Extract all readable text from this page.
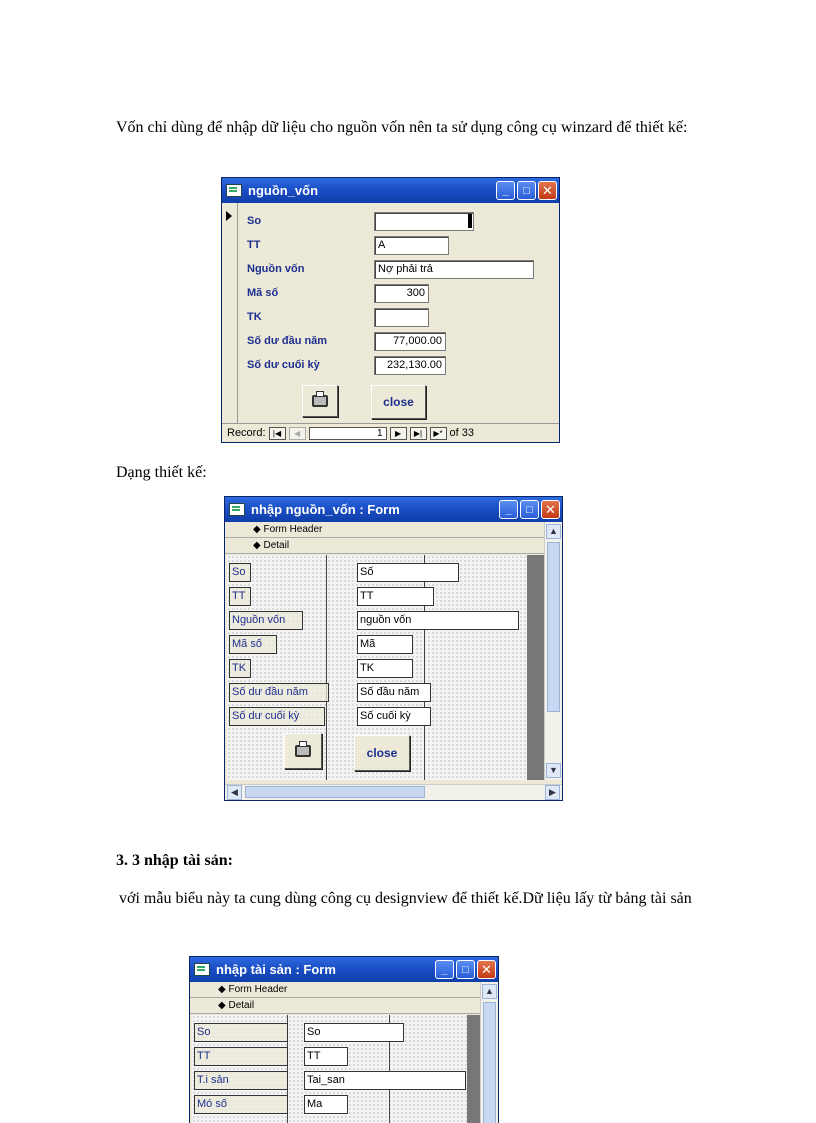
Vốn chỉ dùng để nhập dữ liệu cho nguồn vốn nên ta sử dụng công cụ winzard để thiết kế:
nguồn_vốn	_	□ ✕
So
TT	A
Nguồn vốn	Nợ phải trả
Mã số	300
TK
Số dư đầu năm	77,000.00
Số dư cuối kỳ	232,130.00
close
Record: |◀	◀	1	▶	▶|	▶* of 33
Dạng thiết kế:
nhập nguồn_vốn : Form	_	□ ✕
◆ Form Header
◆ Detail
So	Số
TT	TT
Nguồn vốn	nguồn vốn
Mã số	Mã
TK	TK
Số dư đầu năm	Số đầu năm
Số dư cuối kỳ	Số cuối kỳ
close
▲
▼
◀	▶
3. 3 nhập tài sản:
với mẫu biểu này ta cung dùng công cụ designview để thiết kế.Dữ liệu lấy từ bảng tài sản
nhập tài sản : Form	_	□ ✕
◆ Form Header
◆ Detail
So	So
TT	TT
T.i sản	Tai_san
Mó số	Ma
▲
